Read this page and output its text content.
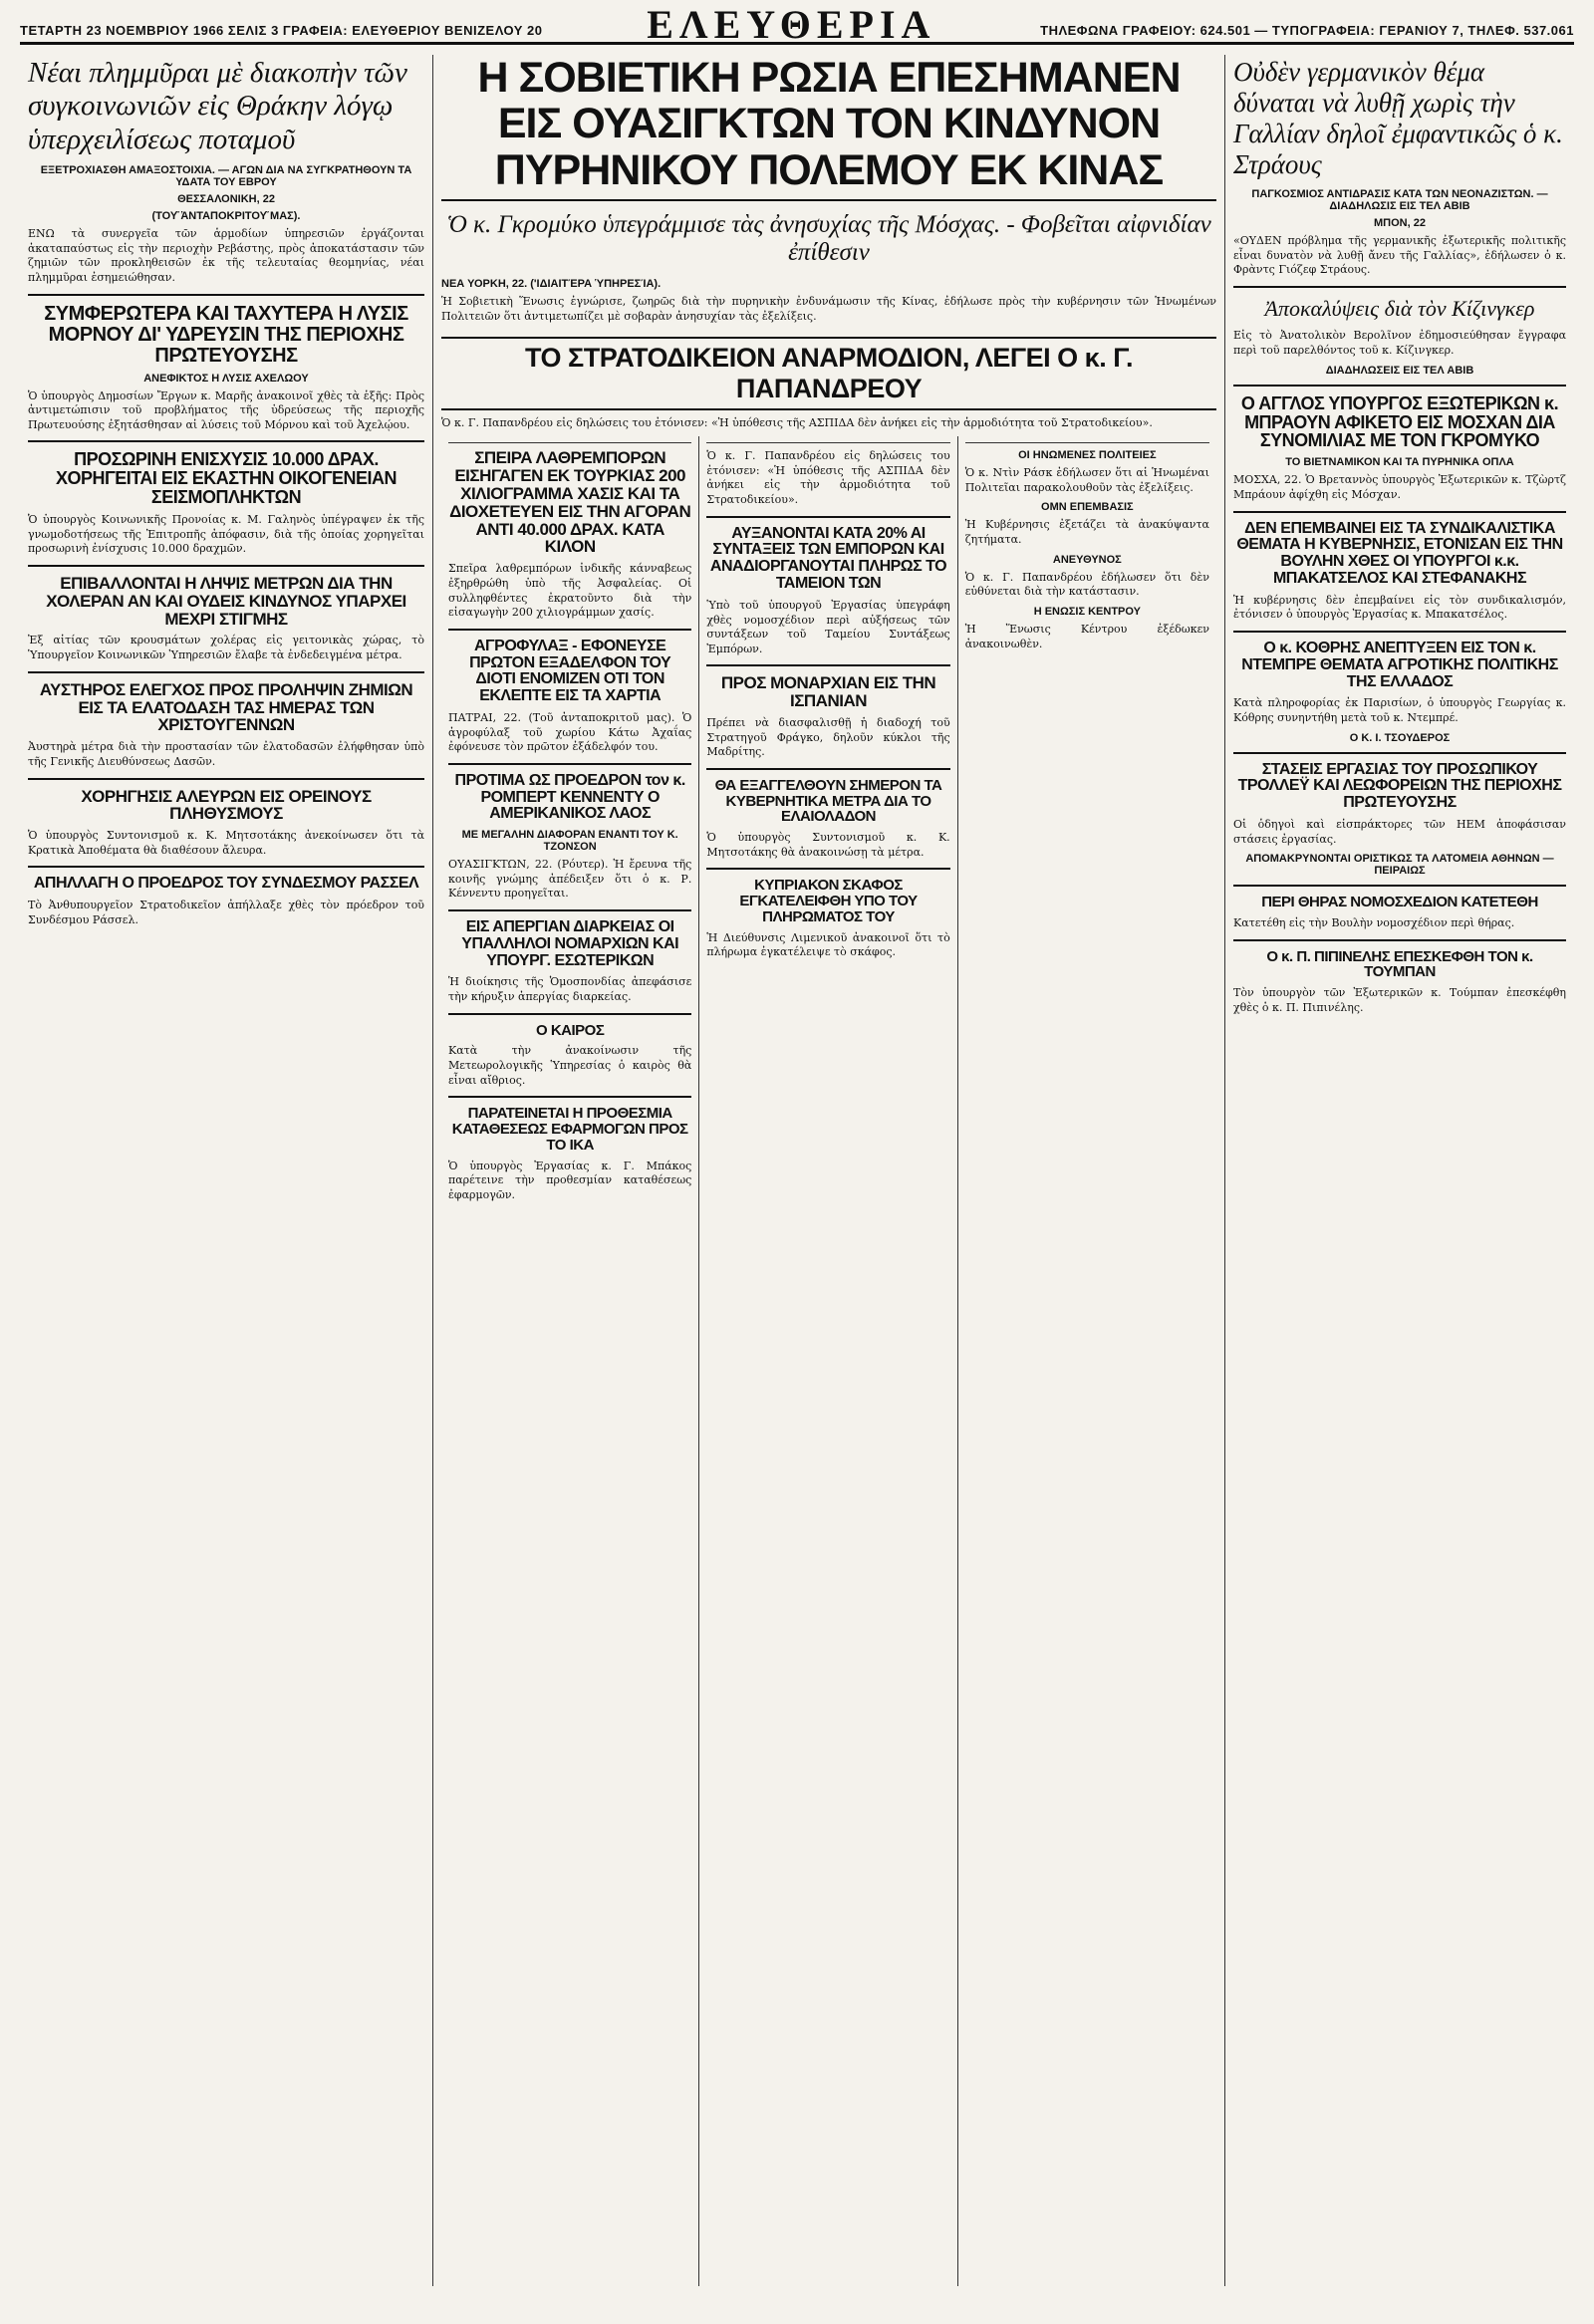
ΤΕΤΑΡΤΗ 23 ΝΟΕΜΒΡΙΟΥ 1966 ΣΕΛΙΣ 3 ΓΡΑΦΕΙΑ: ΕΛΕΥΘΕΡΙΟΥ ΒΕΝΙΖΕΛΟΥ 20	ΕΛΕΥΘΕΡΙΑ	ΤΗΛΕΦΩΝΑ ΓΡΑΦΕΙΟΥ: 624.501 — ΤΥΠΟΓΡΑΦΕΙΑ: ΓΕΡΑΝΙΟΥ 7, ΤΗΛΕΦ. 537.061
Νέαι πλημμῦραι μὲ διακοπὴν τῶν συγκοινωνιῶν εἰς Θράκην λόγῳ ὑπερχειλίσεως ποταμοῦ
ΕΞΕΤΡΟΧΙΑΣΘΗ ΑΜΑΞΟΣΤΟΙΧΙΑ. — ΑΓΩΝ ΔΙΑ ΝΑ ΣΥΓΚΡΑΤΗΘΟΥΝ ΤΑ ΥΔΑΤΑ ΤΟΥ ΕΒΡΟΥ
ΘΕΣΣΑΛΟΝΙΚΗ, 22
(ΤΟΥ͂ ἈΝΤΑΠΟΚΡΙΤΟΥ͂ ΜΑΣ).

ΕΝΩ τὰ συνεργεῖα τῶν ἁρμοδίων ὑπηρεσιῶν ἐργάζονται ἀκαταπαύστως εἰς τὴν περιοχὴν Ρεβάστης, πρὸς ἀποκατάστασιν τῶν ζημιῶν τῶν προκληθεισῶν ἐκ τῆς τελευταίας θεομηνίας, νέαι πλημμῦραι ἐσημειώθησαν.

ΣΥΜΦΕΡΩΤΕΡΑ ΚΑΙ ΤΑΧΥΤΕΡΑ Η ΛΥΣΙΣ ΜΟΡΝΟΥ ΔΙ' ΥΔΡΕΥΣΙΝ ΤΗΣ ΠΕΡΙΟΧΗΣ ΠΡΩΤΕΥΟΥΣΗΣ
ΑΝΕΦΙΚΤΟΣ Η ΛΥΣΙΣ ΑΧΕΛΩΟΥ

Ὁ ὑπουργὸς Δημοσίων Ἔργων κ. Μαρῆς ἀνακοινοῖ χθὲς τὰ ἑξῆς: Πρὸς ἀντιμετώπισιν τοῦ προβλήματος τῆς ὑδρεύσεως τῆς περιοχῆς Πρωτευούσης ἐξητάσθησαν αἱ λύσεις τοῦ Μόρνου καὶ τοῦ Ἀχελῴου.

ΠΡΟΣΩΡΙΝΗ ΕΝΙΣΧΥΣΙΣ 10.000 ΔΡΑΧ. ΧΟΡΗΓΕΙΤΑΙ ΕΙΣ ΕΚΑΣΤΗΝ ΟΙΚΟΓΕΝΕΙΑΝ ΣΕΙΣΜΟΠΛΗΚΤΩΝ

Ὁ ὑπουργὸς Κοινωνικῆς Προνοίας κ. Μ. Γαληνὸς ὑπέγραψεν ἐκ τῆς γνωμοδοτήσεως τῆς Ἐπιτροπῆς ἀπόφασιν, διὰ τῆς ὁποίας χορηγεῖται προσωρινὴ ἐνίσχυσις 10.000 δραχμῶν.

ΕΠΙΒΑΛΛΟΝΤΑΙ Η ΛΗΨΙΣ ΜΕΤΡΩΝ ΔΙΑ ΤΗΝ ΧΟΛΕΡΑΝ ΑΝ ΚΑΙ ΟΥΔΕΙΣ ΚΙΝΔΥΝΟΣ ΥΠΑΡΧΕΙ ΜΕΧΡΙ ΣΤΙΓΜΗΣ

Ἐξ αἰτίας τῶν κρουσμάτων χολέρας εἰς γειτονικὰς χώρας, τὸ Ὑπουργεῖον Κοινωνικῶν Ὑπηρεσιῶν ἔλαβε τὰ ἐνδεδειγμένα μέτρα.

ΑΥΣΤΗΡΟΣ ΕΛΕΓΧΟΣ ΠΡΟΣ ΠΡΟΛΗΨΙΝ ΖΗΜΙΩΝ ΕΙΣ ΤΑ ΕΛΑΤΟΔΑΣΗ ΤΑΣ ΗΜΕΡΑΣ ΤΩΝ ΧΡΙΣΤΟΥΓΕΝΝΩΝ

Ἀυστηρὰ μέτρα διὰ τὴν προστασίαν τῶν ἐλατοδασῶν ἐλήφθησαν ὑπὸ τῆς Γενικῆς Διευθύνσεως Δασῶν.

ΧΟΡΗΓΗΣΙΣ ΑΛΕΥΡΩΝ ΕΙΣ ΟΡΕΙΝΟΥΣ ΠΛΗΘΥΣΜΟΥΣ

Ὁ ὑπουργὸς Συντονισμοῦ κ. Κ. Μητσοτάκης ἀνεκοίνωσεν ὅτι τὰ Κρατικὰ Ἀποθέματα θὰ διαθέσουν ἄλευρα.

ΑΠΗΛΛΑΓΗ Ο ΠΡΟΕΔΡΟΣ ΤΟΥ ΣΥΝΔΕΣΜΟΥ ΡΑΣΣΕΛ

Τὸ Ἀνθυπουργεῖον Στρατοδικεῖον ἀπήλλαξε χθὲς τὸν πρόεδρον τοῦ Συνδέσμου Ράσσελ.

Η ΣΟΒΙΕΤΙΚΗ ΡΩΣΙΑ ΕΠΕΣΗΜΑΝΕΝ ΕΙΣ ΟΥΑΣΙΓΚΤΩΝ ΤΟΝ ΚΙΝΔΥΝΟΝ ΠΥΡΗΝΙΚΟΥ ΠΟΛΕΜΟΥ ΕΚ ΚΙΝΑΣ
Ὁ κ. Γκρομύκο ὑπεγράμμισε τὰς ἀνησυχίας τῆς Μόσχας. - Φοβεῖται αἰφνιδίαν ἐπίθεσιν
ΝΕΑ ΥΟΡΚΗ, 22. ('ΙΔΙΑΙΤΈΡΑ ὙΠΗΡΕΣΊΑ).

Ἡ Σοβιετικὴ Ἕνωσις ἐγνώρισε, ζωηρῶς διὰ τὴν πυρηνικὴν ἐνδυνάμωσιν τῆς Κίνας, ἐδήλωσε πρὸς τὴν κυβέρνησιν τῶν Ἡνωμένων Πολιτειῶν ὅτι ἀντιμετωπίζει μὲ σοβαρὰν ἀνησυχίαν τὰς ἐξελίξεις.

ΤΟ ΣΤΡΑΤΟΔΙΚΕΙΟΝ ΑΝΑΡΜΟΔΙΟΝ, ΛΕΓΕΙ Ο κ. Γ. ΠΑΠΑΝΔΡΕΟΥ

Ὁ κ. Γ. Παπανδρέου εἰς δηλώσεις του ἐτόνισεν: «Ἡ ὑπόθεσις τῆς ΑΣΠΙΔΑ δὲν ἀνήκει εἰς τὴν ἁρμοδιότητα τοῦ Στρατοδικείου».

ΣΠΕΙΡΑ ΛΑΘΡΕΜΠΟΡΩΝ ΕΙΣΗΓΑΓΕΝ ΕΚ ΤΟΥΡΚΙΑΣ 200 ΧΙΛΙΟΓΡΑΜΜΑ ΧΑΣΙΣ ΚΑΙ ΤΑ ΔΙΟΧΕΤΕΥΕΝ ΕΙΣ ΤΗΝ ΑΓΟΡΑΝ ΑΝΤΙ 40.000 ΔΡΑΧ. ΚΑΤΑ ΚΙΛΟΝ

Σπεῖρα λαθρεμπόρων ἰνδικῆς κάνναβεως ἐξηρθρώθη ὑπὸ τῆς Ἀσφαλείας. Οἱ συλληφθέντες ἐκρατοῦντο διὰ τὴν εἰσαγωγὴν 200 χιλιογράμμων χασίς.

ΑΓΡΟΦΥΛΑΞ - ΕΦΟΝΕΥΣΕ ΠΡΩΤΟΝ ΕΞΑΔΕΛΦΟΝ ΤΟΥ ΔΙΟΤΙ ΕΝΟΜΙΖΕΝ ΟΤΙ ΤΟΝ ΕΚΛΕΠΤΕ ΕΙΣ ΤΑ ΧΑΡΤΙΑ

ΠΑΤΡΑΙ, 22. (Τοῦ ἀνταποκριτοῦ μας). Ὁ ἀγροφύλαξ τοῦ χωρίου Κάτω Ἀχαΐας ἐφόνευσε τὸν πρῶτον ἐξάδελφόν του.

ΠΡΟΤΙΜΑ ΩΣ ΠΡΟΕΔΡΟΝ τον κ. ΡΟΜΠΕΡΤ ΚΕΝΝΕΝΤΥ Ο ΑΜΕΡΙΚΑΝΙΚΟΣ ΛΑΟΣ
ΜΕ ΜΕΓΑΛΗΝ ΔΙΑΦΟΡΑΝ ΕΝΑΝΤΙ ΤΟΥ Κ. ΤΖΟΝΣΟΝ

ΟΥΑΣΙΓΚΤΩΝ, 22. (Ρόυτερ). Ἡ ἔρευνα τῆς κοινῆς γνώμης ἀπέδειξεν ὅτι ὁ κ. Ρ. Κέννεντυ προηγεῖται.

ΕΙΣ ΑΠΕΡΓΙΑΝ ΔΙΑΡΚΕΙΑΣ ΟΙ ΥΠΑΛΛΗΛΟΙ ΝΟΜΑΡΧΙΩΝ ΚΑΙ ΥΠΟΥΡΓ. ΕΣΩΤΕΡΙΚΩΝ

Ἡ διοίκησις τῆς Ὁμοσπονδίας ἀπεφάσισε τὴν κήρυξιν ἀπεργίας διαρκείας.

Ο ΚΑΙΡΟΣ

Κατὰ τὴν ἀνακοίνωσιν τῆς Μετεωρολογικῆς Ὑπηρεσίας ὁ καιρὸς θὰ εἶναι αἴθριος.

ΠΑΡΑΤΕΙΝΕΤΑΙ Η ΠΡΟΘΕΣΜΙΑ ΚΑΤΑΘΕΣΕΩΣ ΕΦΑΡΜΟΓΩΝ ΠΡΟΣ ΤΟ ΙΚΑ

Ὁ ὑπουργὸς Ἐργασίας κ. Γ. Μπάκος παρέτεινε τὴν προθεσμίαν καταθέσεως ἐφαρμογῶν.

Ὁ κ. Γ. Παπανδρέου εἰς δηλώσεις του ἐτόνισεν: «Ἡ ὑπόθεσις τῆς ΑΣΠΙΔΑ δὲν ἀνήκει εἰς τὴν ἁρμοδιότητα τοῦ Στρατοδικείου».

ΑΥΞΑΝΟΝΤΑΙ ΚΑΤΑ 20% ΑΙ ΣΥΝΤΑΞΕΙΣ ΤΩΝ ΕΜΠΟΡΩΝ ΚΑΙ ΑΝΑΔΙΟΡΓΑΝΟΥΤΑΙ ΠΛΗΡΩΣ ΤΟ ΤΑΜΕΙΟΝ ΤΩΝ

Ὑπὸ τοῦ ὑπουργοῦ Ἐργασίας ὑπεγράφη χθὲς νομοσχέδιον περὶ αὐξήσεως τῶν συντάξεων τοῦ Ταμείου Συντάξεως Ἐμπόρων.

ΠΡΟΣ ΜΟΝΑΡΧΙΑΝ ΕΙΣ ΤΗΝ ΙΣΠΑΝΙΑΝ

Πρέπει νὰ διασφαλισθῇ ἡ διαδοχή τοῦ Στρατηγοῦ Φράγκο, δηλοῦν κύκλοι τῆς Μαδρίτης.

ΘΑ ΕΞΑΓΓΕΛΘΟΥΝ ΣΗΜΕΡΟΝ ΤΑ ΚΥΒΕΡΝΗΤΙΚΑ ΜΕΤΡΑ ΔΙΑ ΤΟ ΕΛΑΙΟΛΑΔΟΝ

Ὁ ὑπουργὸς Συντονισμοῦ κ. Κ. Μητσοτάκης θὰ ἀνακοινώσῃ τὰ μέτρα.

ΚΥΠΡΙΑΚΟΝ ΣΚΑΦΟΣ ΕΓΚΑΤΕΛΕΙΦΘΗ ΥΠΟ ΤΟΥ ΠΛΗΡΩΜΑΤΟΣ ΤΟΥ

Ἡ Διεύθυνσις Λιμενικοῦ ἀνακοινοῖ ὅτι τὸ πλήρωμα ἐγκατέλειψε τὸ σκάφος.

ΟΙ ΗΝΩΜΕΝΕΣ ΠΟΛΙΤΕΙΕΣ

Ὁ κ. Ντὶν Ράσκ ἐδήλωσεν ὅτι αἱ Ἡνωμέναι Πολιτεῖαι παρακολουθοῦν τὰς ἐξελίξεις.

ΟΜΝ ΕΠΕΜΒΑΣΙΣ

Ἡ Κυβέρνησις ἐξετάζει τὰ ἀνακύψαντα ζητήματα.

ΑΝΕΥΘΥΝΟΣ

Ὁ κ. Γ. Παπανδρέου ἐδήλωσεν ὅτι δὲν εὐθύνεται διὰ τὴν κατάστασιν.

Η ΕΝΩΣΙΣ ΚΕΝΤΡΟΥ

Ἡ Ἕνωσις Κέντρου ἐξέδωκεν ἀνακοινωθὲν.

Οὐδὲν γερμανικὸν θέμα δύναται νὰ λυθῇ χωρὶς τὴν Γαλλίαν δηλοῖ ἐμφαντικῶς ὁ κ. Στράους
ΠΑΓΚΟΣΜΙΟΣ ΑΝΤΙΔΡΑΣΙΣ ΚΑΤΑ ΤΩΝ ΝΕΟΝΑΖΙΣΤΩΝ. — ΔΙΑΔΗΛΩΣΙΣ ΕΙΣ ΤΕΛ ΑΒΙΒ
ΜΠΟΝ, 22

«ΟΥΔΕΝ πρόβλημα τῆς γερμανικῆς ἐξωτερικῆς πολιτικῆς εἶναι δυνατὸν νὰ λυθῇ ἄνευ τῆς Γαλλίας», ἐδήλωσεν ὁ κ. Φρὰντς Γιόζεφ Στράους.

Ἀποκαλύψεις διὰ τὸν Κίζινγκερ

Εἰς τὸ Ἀνατολικὸν Βερολῖνον ἐδημοσιεύθησαν ἔγγραφα περὶ τοῦ παρελθόντος τοῦ κ. Κίζινγκερ.

ΔΙΑΔΗΛΩΣΕΙΣ ΕΙΣ ΤΕΛ ΑΒΙΒ
Ο ΑΓΓΛΟΣ ΥΠΟΥΡΓΟΣ ΕΞΩΤΕΡΙΚΩΝ κ. ΜΠΡΑΟΥΝ ΑΦΙΚΕΤΟ ΕΙΣ ΜΟΣΧΑΝ ΔΙΑ ΣΥΝΟΜΙΛΙΑΣ ΜΕ ΤΟΝ ΓΚΡΟΜΥΚΟ
ΤΟ ΒΙΕΤΝΑΜΙΚΟΝ ΚΑΙ ΤΑ ΠΥΡΗΝΙΚΑ ΟΠΛΑ

ΜΟΣΧΑ, 22. Ὁ Βρεταννὸς ὑπουργὸς Ἐξωτερικῶν κ. Τζὼρτζ Μπράουν ἀφίχθη εἰς Μόσχαν.

ΔΕΝ ΕΠΕΜΒΑΙΝΕΙ ΕΙΣ ΤΑ ΣΥΝΔΙΚΑΛΙΣΤΙΚΑ ΘΕΜΑΤΑ Η ΚΥΒΕΡΝΗΣΙΣ, ΕΤΟΝΙΣΑΝ ΕΙΣ ΤΗΝ ΒΟΥΛΗΝ ΧΘΕΣ ΟΙ ΥΠΟΥΡΓΟΙ κ.κ. ΜΠΑΚΑΤΣΕΛΟΣ ΚΑΙ ΣΤΕΦΑΝΑΚΗΣ

Ἡ κυβέρνησις δὲν ἐπεμβαίνει εἰς τὸν συνδικαλισμόν, ἐτόνισεν ὁ ὑπουργὸς Ἐργασίας κ. Μπακατσέλος.

Ο κ. ΚΟΘΡΗΣ ΑΝΕΠΤΥΞΕΝ ΕΙΣ ΤΟΝ κ. ΝΤΕΜΠΡΕ ΘΕΜΑΤΑ ΑΓΡΟΤΙΚΗΣ ΠΟΛΙΤΙΚΗΣ ΤΗΣ ΕΛΛΑΔΟΣ

Κατὰ πληροφορίας ἐκ Παρισίων, ὁ ὑπουργὸς Γεωργίας κ. Κόθρης συνηντήθη μετὰ τοῦ κ. Ντεμπρέ.

Ο Κ. Ι. ΤΣΟΥΔΕΡΟΣ
ΣΤΑΣΕΙΣ ΕΡΓΑΣΙΑΣ ΤΟΥ ΠΡΟΣΩΠΙΚΟΥ ΤΡΟΛΛΕΫ ΚΑΙ ΛΕΩΦΟΡΕΙΩΝ ΤΗΣ ΠΕΡΙΟΧΗΣ ΠΡΩΤΕΥΟΥΣΗΣ

Οἱ ὁδηγοὶ καὶ εἰσπράκτορες τῶν ΗΕΜ ἀποφάσισαν στάσεις ἐργασίας.

ΑΠΟΜΑΚΡΥΝΟΝΤΑΙ ΟΡΙΣΤΙΚΩΣ ΤΑ ΛΑΤΟΜΕΙΑ ΑΘΗΝΩΝ — ΠΕΙΡΑΙΩΣ
ΠΕΡΙ ΘΗΡΑΣ ΝΟΜΟΣΧΕΔΙΟΝ ΚΑΤΕΤΕΘΗ

Κατετέθη εἰς τὴν Βουλὴν νομοσχέδιον περὶ θήρας.

Ο κ. Π. ΠΙΠΙΝΕΛΗΣ ΕΠΕΣΚΕΦΘΗ ΤΟΝ κ. ΤΟΥΜΠΑΝ

Τὸν ὑπουργὸν τῶν Ἐξωτερικῶν κ. Τούμπαν ἐπεσκέφθη χθὲς ὁ κ. Π. Πιπινέλης.
